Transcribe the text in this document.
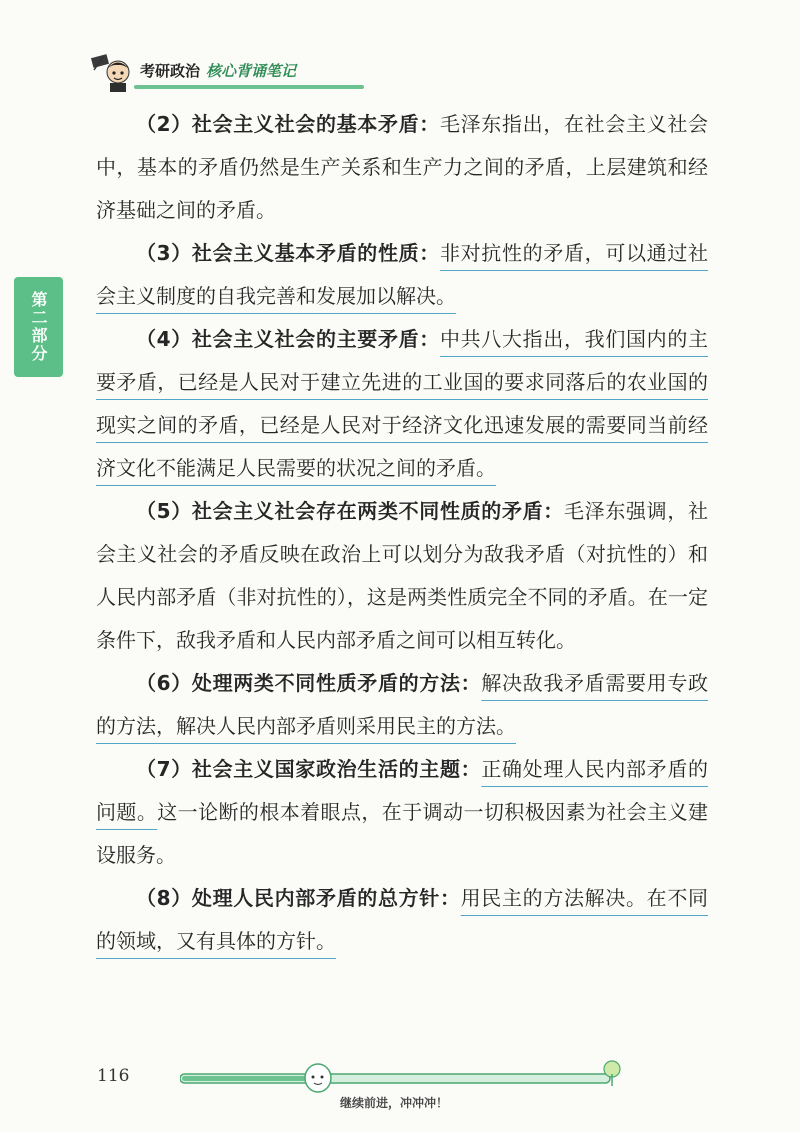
考研政治 核心背诵笔记
第二部分

（2）社会主义社会的基本矛盾：毛泽东指出，在社会主义社会中，基本的矛盾仍然是生产关系和生产力之间的矛盾，上层建筑和经济基础之间的矛盾。

（3）社会主义基本矛盾的性质：非对抗性的矛盾，可以通过社会主义制度的自我完善和发展加以解决。

（4）社会主义社会的主要矛盾：中共八大指出，我们国内的主要矛盾，已经是人民对于建立先进的工业国的要求同落后的农业国的现实之间的矛盾，已经是人民对于经济文化迅速发展的需要同当前经济文化不能满足人民需要的状况之间的矛盾。

（5）社会主义社会存在两类不同性质的矛盾：毛泽东强调，社会主义社会的矛盾反映在政治上可以划分为敌我矛盾（对抗性的）和人民内部矛盾（非对抗性的），这是两类性质完全不同的矛盾。在一定条件下，敌我矛盾和人民内部矛盾之间可以相互转化。

（6）处理两类不同性质矛盾的方法：解决敌我矛盾需要用专政的方法，解决人民内部矛盾则采用民主的方法。

（7）社会主义国家政治生活的主题：正确处理人民内部矛盾的问题。这一论断的根本着眼点，在于调动一切积极因素为社会主义建设服务。

（8）处理人民内部矛盾的总方针：用民主的方法解决。在不同的领域，又有具体的方针。

116
继续前进，冲冲冲！
